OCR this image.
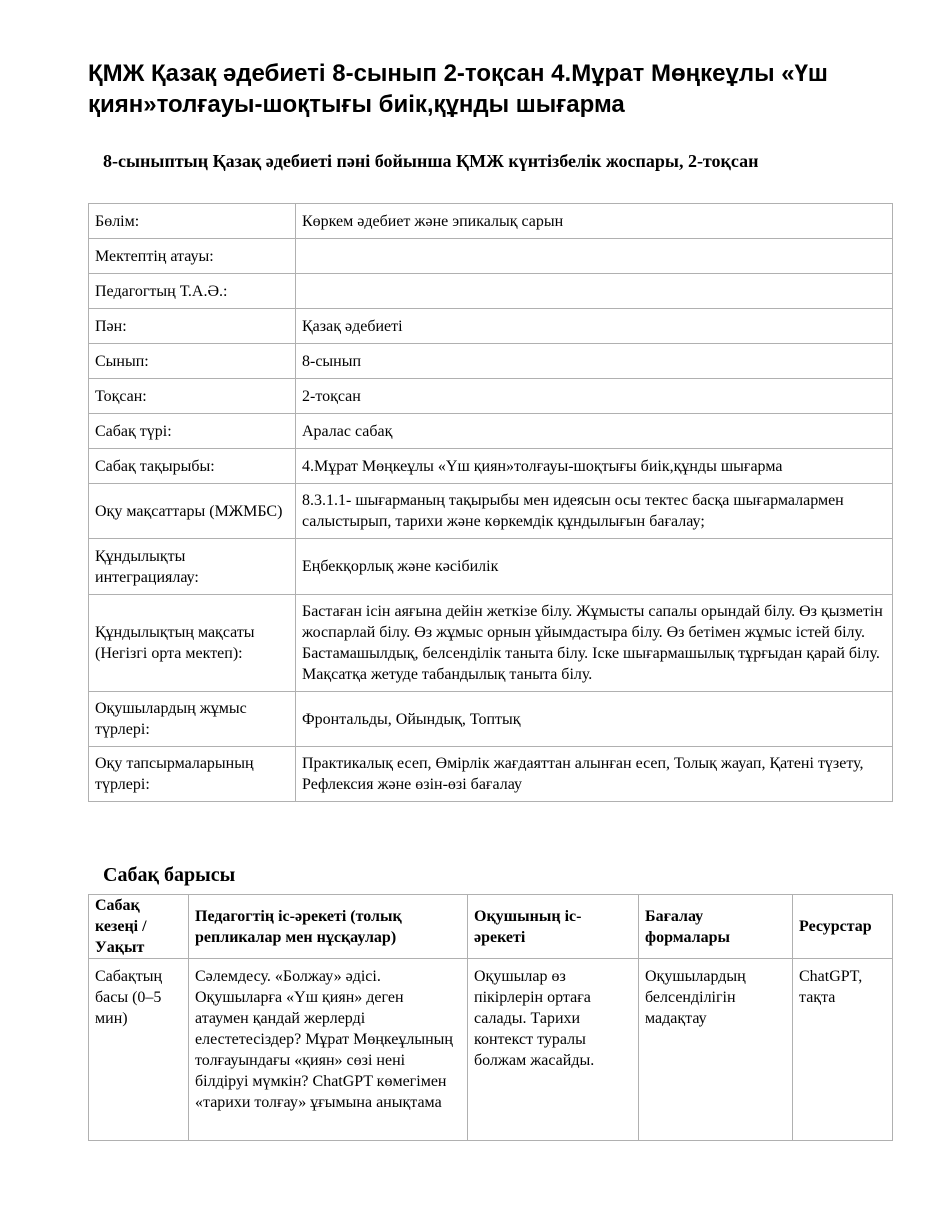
ҚМЖ Қазақ әдебиеті 8-сынып 2-тоқсан 4.Мұрат Мөңкеұлы «Үш қиян»толғауы-шоқтығы биік,құнды шығарма
8-сыныптың Қазақ әдебиеті пәні бойынша ҚМЖ күнтізбелік жоспары, 2-тоқсан
Бөлім:	Көркем әдебиет және эпикалық сарын
Мектептің атауы:	
Педагогтың Т.А.Ә.:	
Пән:	Қазақ әдебиеті
Сынып:	8-сынып
Тоқсан:	2-тоқсан
Сабақ түрі:	Аралас сабақ
Сабақ тақырыбы:	4.Мұрат Мөңкеұлы «Үш қиян»толғауы-шоқтығы биік,құнды шығарма
Оқу мақсаттары (МЖМБС)	8.3.1.1- шығарманың тақырыбы мен идеясын осы тектес басқа шығармалармен салыстырып, тарихи және көркемдік құндылығын бағалау;
Құндылықты интеграциялау:	Еңбекқорлық және кәсібилік
Құндылықтың мақсаты (Негізгі орта мектеп):	Бастаған ісін аяғына дейін жеткізе білу. Жұмысты сапалы орындай білу. Өз қызметін жоспарлай білу. Өз жұмыс орнын ұйымдастыра білу. Өз бетімен жұмыс істей білу. Бастамашылдық, белсенділік таныта білу. Іске шығармашылық тұрғыдан қарай білу. Мақсатқа жетуде табандылық таныта білу.
Оқушылардың жұмыс түрлері:	Фронтальды, Ойындық, Топтық
Оқу тапсырмаларының түрлері:	Практикалық есеп, Өмірлік жағдаяттан алынған есеп, Толық жауап, Қатені түзету, Рефлексия және өзін-өзі бағалау
Сабақ барысы
Сабақ кезеңі / Уақыт	Педагогтің іс-әрекеті (толық репликалар мен нұсқаулар)	Оқушының іс-әрекеті	Бағалау формалары	Ресурстар
Сабақтың басы (0–5 мин)	Сәлемдесу. «Болжау» әдісі. Оқушыларға «Үш қиян» деген атаумен қандай жерлерді елестетесіздер? Мұрат Мөңкеұлының толғауындағы «қиян» сөзі нені білдіруі мүмкін? ChatGPT көмегімен «тарихи толғау» ұғымына анықтама	Оқушылар өз пікірлерін ортаға салады. Тарихи контекст туралы болжам жасайды.	Оқушылардың белсенділігін мадақтау	ChatGPT, тақта
